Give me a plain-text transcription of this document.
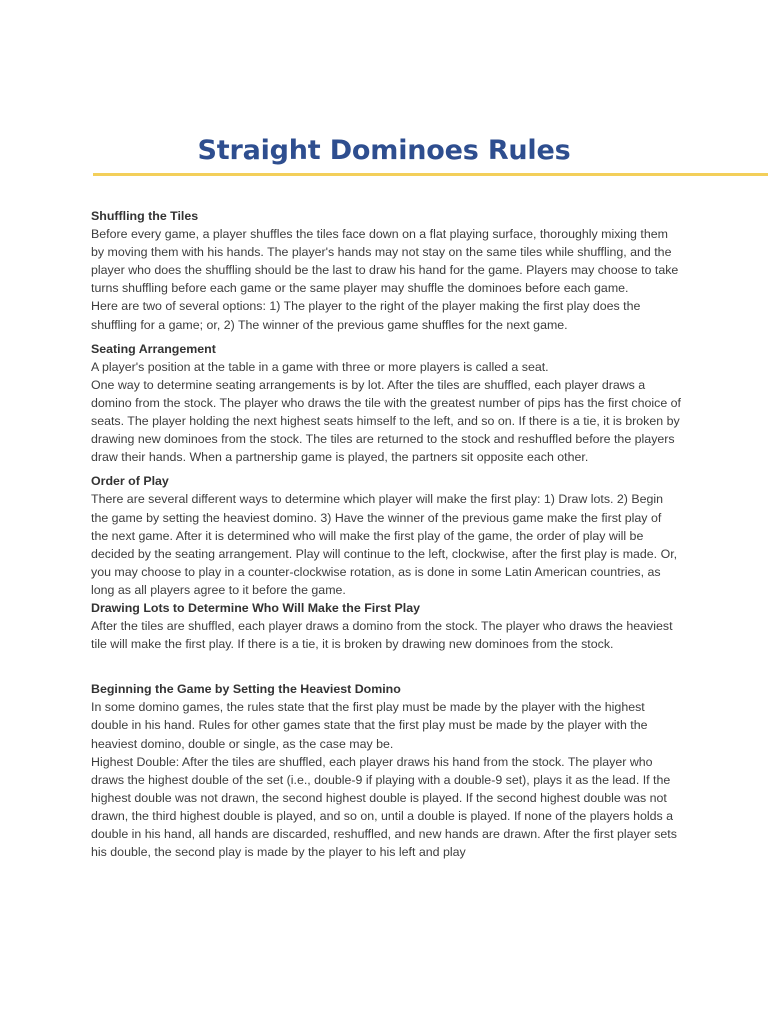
Straight Dominoes Rules

Shuffling the Tiles

Before every game, a player shuffles the tiles face down on a flat playing surface, thoroughly mixing them by moving them with his hands. The player's hands may not stay on the same tiles while shuffling, and the player who does the shuffling should be the last to draw his hand for the game. Players may choose to take turns shuffling before each game or the same player may shuffle the dominoes before each game.

Here are two of several options: 1) The player to the right of the player making the first play does the shuffling for a game; or, 2) The winner of the previous game shuffles for the next game.

Seating Arrangement

A player's position at the table in a game with three or more players is called a seat.

One way to determine seating arrangements is by lot. After the tiles are shuffled, each player draws a domino from the stock. The player who draws the tile with the greatest number of pips has the first choice of seats. The player holding the next highest seats himself to the left, and so on. If there is a tie, it is broken by drawing new dominoes from the stock. The tiles are returned to the stock and reshuffled before the players draw their hands. When a partnership game is played, the partners sit opposite each other.

Order of Play

There are several different ways to determine which player will make the first play: 1) Draw lots. 2) Begin the game by setting the heaviest domino. 3) Have the winner of the previous game make the first play of the next game. After it is determined who will make the first play of the game, the order of play will be decided by the seating arrangement. Play will continue to the left, clockwise, after the first play is made. Or, you may choose to play in a counter-clockwise rotation, as is done in some Latin American countries, as long as all players agree to it before the game.

Drawing Lots to Determine Who Will Make the First Play

After the tiles are shuffled, each player draws a domino from the stock. The player who draws the heaviest tile will make the first play. If there is a tie, it is broken by drawing new dominoes from the stock.

Beginning the Game by Setting the Heaviest Domino

In some domino games, the rules state that the first play must be made by the player with the highest double in his hand. Rules for other games state that the first play must be made by the player with the heaviest domino, double or single, as the case may be.

Highest Double: After the tiles are shuffled, each player draws his hand from the stock. The player who draws the highest double of the set (i.e., double-9 if playing with a double-9 set), plays it as the lead. If the highest double was not drawn, the second highest double is played. If the second highest double was not drawn, the third highest double is played, and so on, until a double is played. If none of the players holds a double in his hand, all hands are discarded, reshuffled, and new hands are drawn. After the first player sets his double, the second play is made by the player to his left and play
